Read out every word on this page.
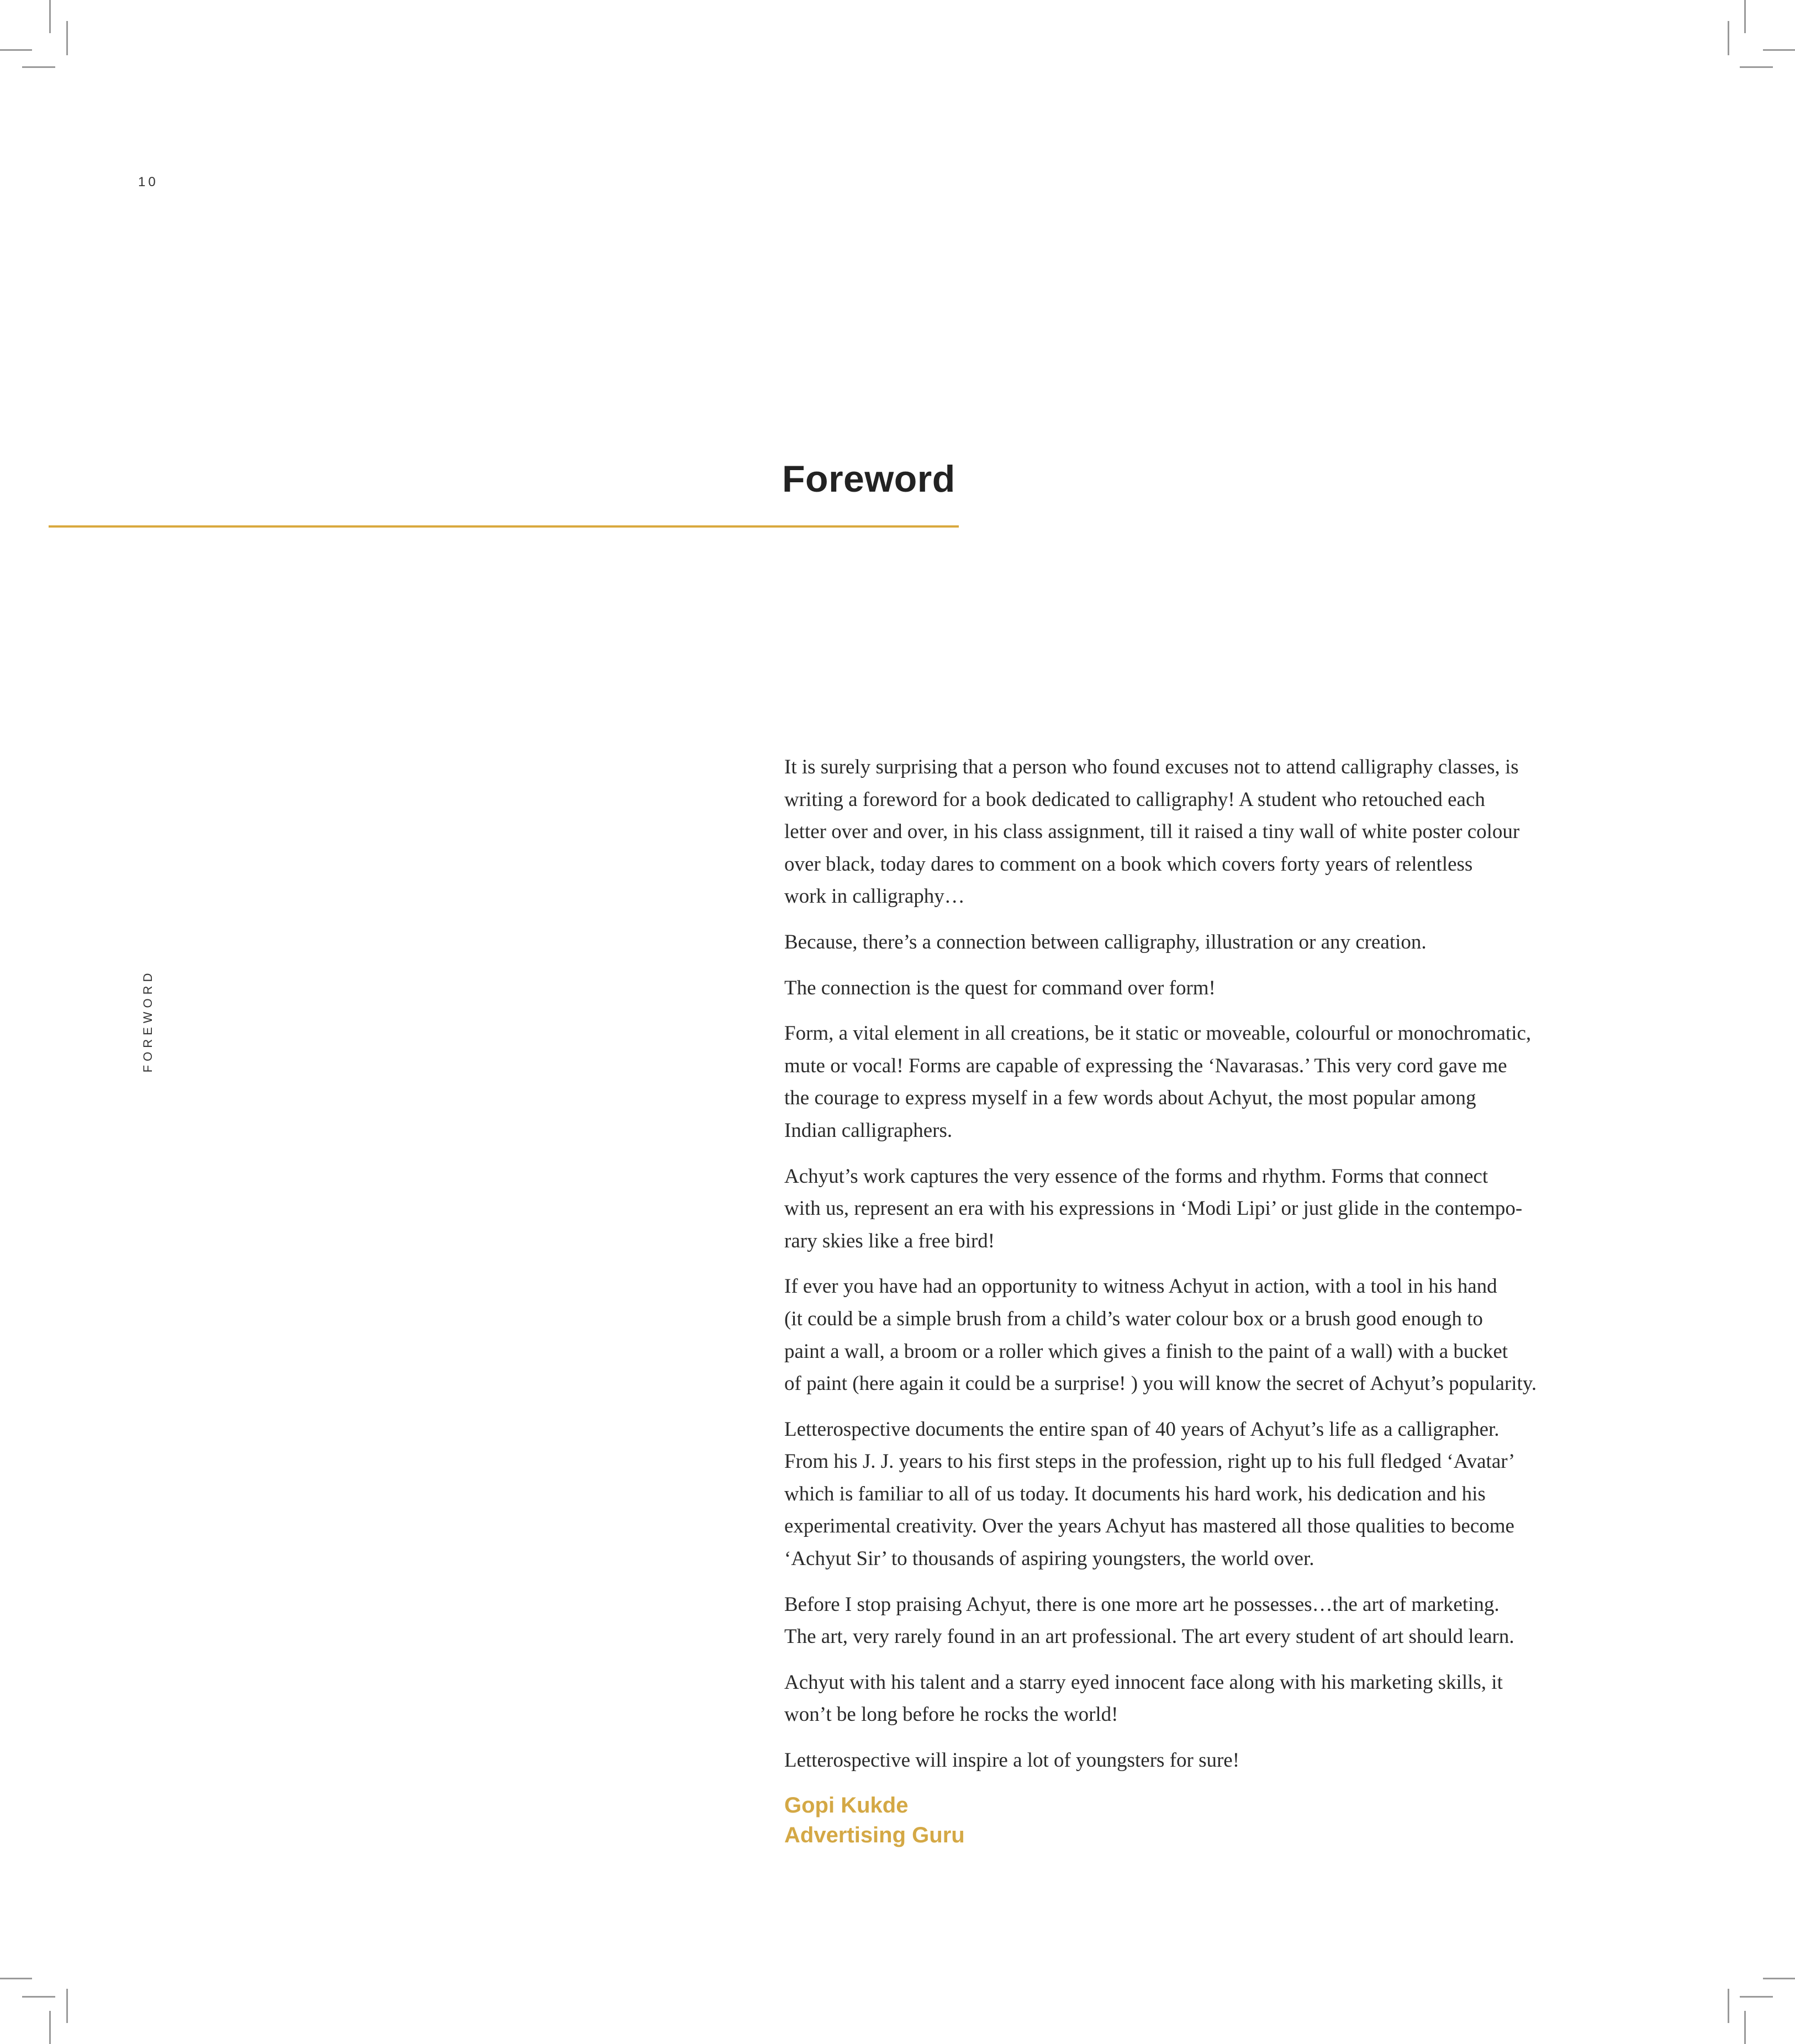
10
FOREWORD
Foreword

It is surely surprising that a person who found excuses not to attend calligraphy classes, is
writing a foreword for a book dedicated to calligraphy! A student who retouched each
letter over and over, in his class assignment, till it raised a tiny wall of white poster colour
over black, today dares to comment on a book which covers forty years of relentless
work in calligraphy…

Because, there’s a connection between calligraphy, illustration or any creation.

The connection is the quest for command over form!

Form, a vital element in all creations, be it static or moveable, colourful or monochromatic,
mute or vocal! Forms are capable of expressing the ‘Navarasas.’ This very cord gave me
the courage to express myself in a few words about Achyut, the most popular among
Indian calligraphers.

Achyut’s work captures the very essence of the forms and rhythm. Forms that connect
with us, represent an era with his expressions in ‘Modi Lipi’ or just glide in the contempo-
rary skies like a free bird!

If ever you have had an opportunity to witness Achyut in action, with a tool in his hand
(it could be a simple brush from a child’s water colour box or a brush good enough to
paint a wall, a broom or a roller which gives a finish to the paint of a wall) with a bucket
of paint (here again it could be a surprise! ) you will know the secret of Achyut’s popularity.

Letterospective documents the entire span of 40 years of Achyut’s life as a calligrapher.
From his J. J. years to his first steps in the profession, right up to his full fledged ‘Avatar’
which is familiar to all of us today. It documents his hard work, his dedication and his
experimental creativity. Over the years Achyut has mastered all those qualities to become
‘Achyut Sir’ to thousands of aspiring youngsters, the world over.

Before I stop praising Achyut, there is one more art he possesses…the art of marketing.
The art, very rarely found in an art professional. The art every student of art should learn.

Achyut with his talent and a starry eyed innocent face along with his marketing skills, it
won’t be long before he rocks the world!

Letterospective will inspire a lot of youngsters for sure!

Gopi Kukde
Advertising Guru
